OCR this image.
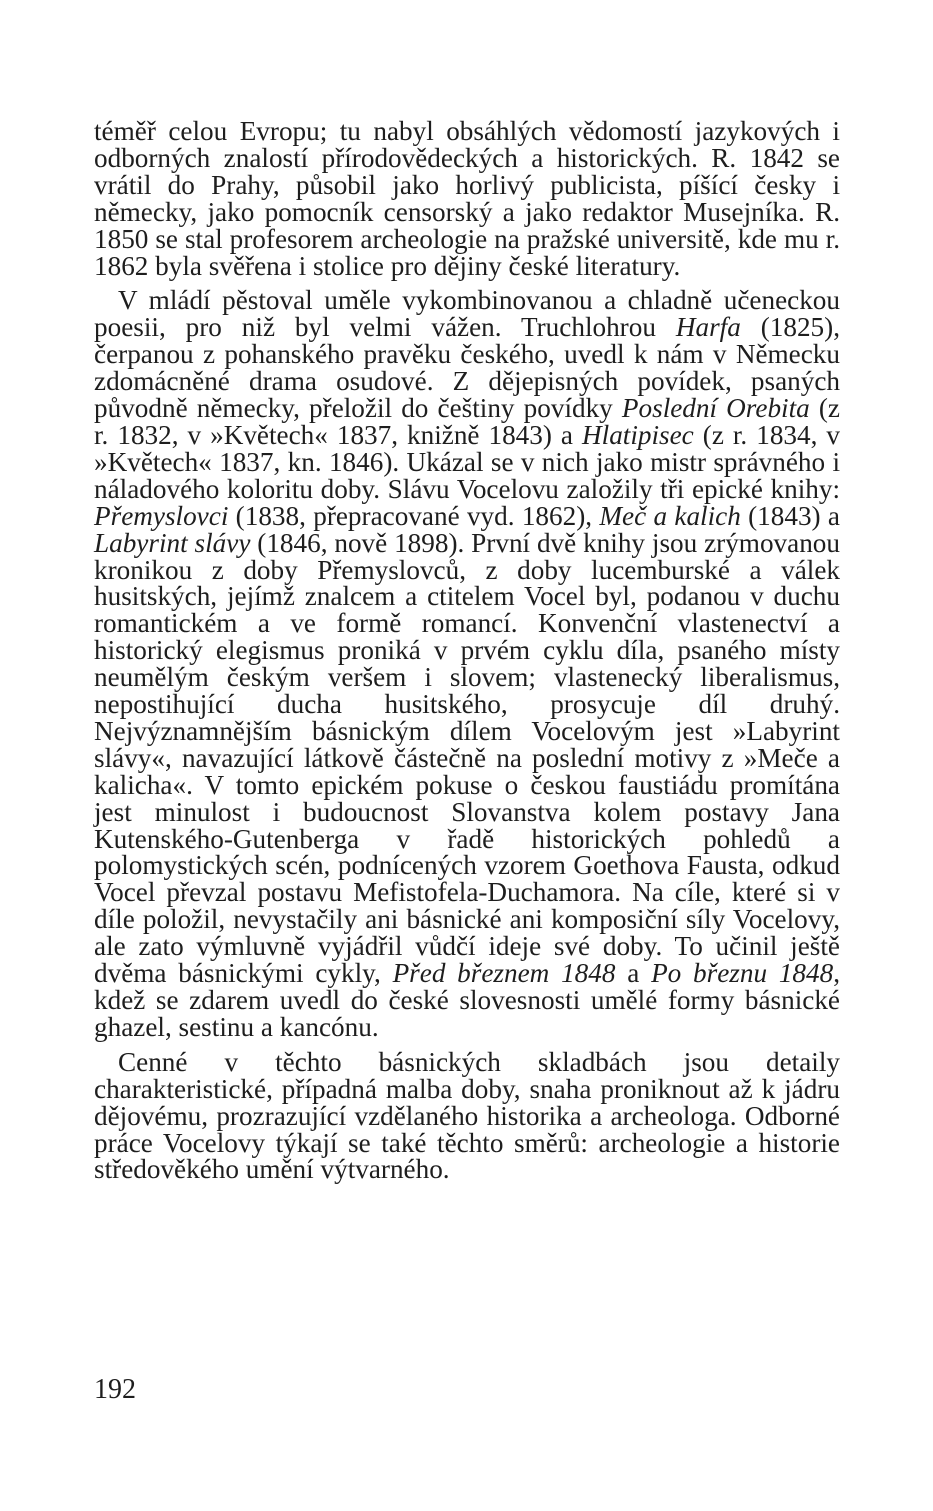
téměř celou Evropu; tu nabyl obsáhlých vědomostí jazykových i odborných znalostí přírodovědeckých a historických. R. 1842 se vrátil do Prahy, působil jako horlivý publicista, píšící česky i německy, jako pomocník censorský a jako redaktor Musejníka. R. 1850 se stal profesorem archeologie na pražské universitě, kde mu r. 1862 byla svěřena i stolice pro dějiny české literatury.

V mládí pěstoval uměle vykombinovanou a chladně učeneckou poesii, pro niž byl velmi vážen. Truchlohrou Harfa (1825), čerpanou z pohanského pravěku českého, uvedl k nám v Německu zdomácněné drama osudové. Z dějepisných povídek, psaných původně německy, přeložil do češtiny povídky Poslední Orebita (z r. 1832, v »Květech« 1837, knižně 1843) a Hlatipisec (z r. 1834, v »Květech« 1837, kn. 1846). Ukázal se v nich jako mistr správného i náladového koloritu doby. Slávu Vocelovu založily tři epické knihy: Přemyslovci (1838, přepracované vyd. 1862), Meč a kalich (1843) a Labyrint slávy (1846, nově 1898). První dvě knihy jsou zrýmovanou kronikou z doby Přemyslovců, z doby lucemburské a válek husitských, jejímž znalcem a ctitelem Vocel byl, podanou v duchu romantickém a ve formě romancí. Konvenční vlastenectví a historický elegismus proniká v prvém cyklu díla, psaného místy neumělým českým veršem i slovem; vlastenecký liberalismus, nepostihující ducha husitského, prosycuje díl druhý. Nejvýznamnějším básnickým dílem Vocelovým jest »Labyrint slávy«, navazující látkově částečně na poslední motivy z »Meče a kalicha«. V tomto epickém pokuse o českou faustiádu promítána jest minulost i budoucnost Slovanstva kolem postavy Jana Kutenského-Gutenberga v řadě historických pohledů a polomystických scén, podnícených vzorem Goethova Fausta, odkud Vocel převzal postavu Mefistofela-Duchamora. Na cíle, které si v díle položil, nevystačily ani básnické ani komposiční síly Vocelovy, ale zato výmluvně vyjádřil vůdčí ideje své doby. To učinil ještě dvěma básnickými cykly, Před březnem 1848 a Po březnu 1848, kdež se zdarem uvedl do české slovesnosti umělé formy básnické ghazel, sestinu a kancónu.

Cenné v těchto básnických skladbách jsou detaily charakteristické, případná malba doby, snaha proniknout až k jádru dějovému, prozrazující vzdělaného historika a archeologa. Odborné práce Vocelovy týkají se také těchto směrů: archeologie a historie středověkého umění výtvarného.

192
